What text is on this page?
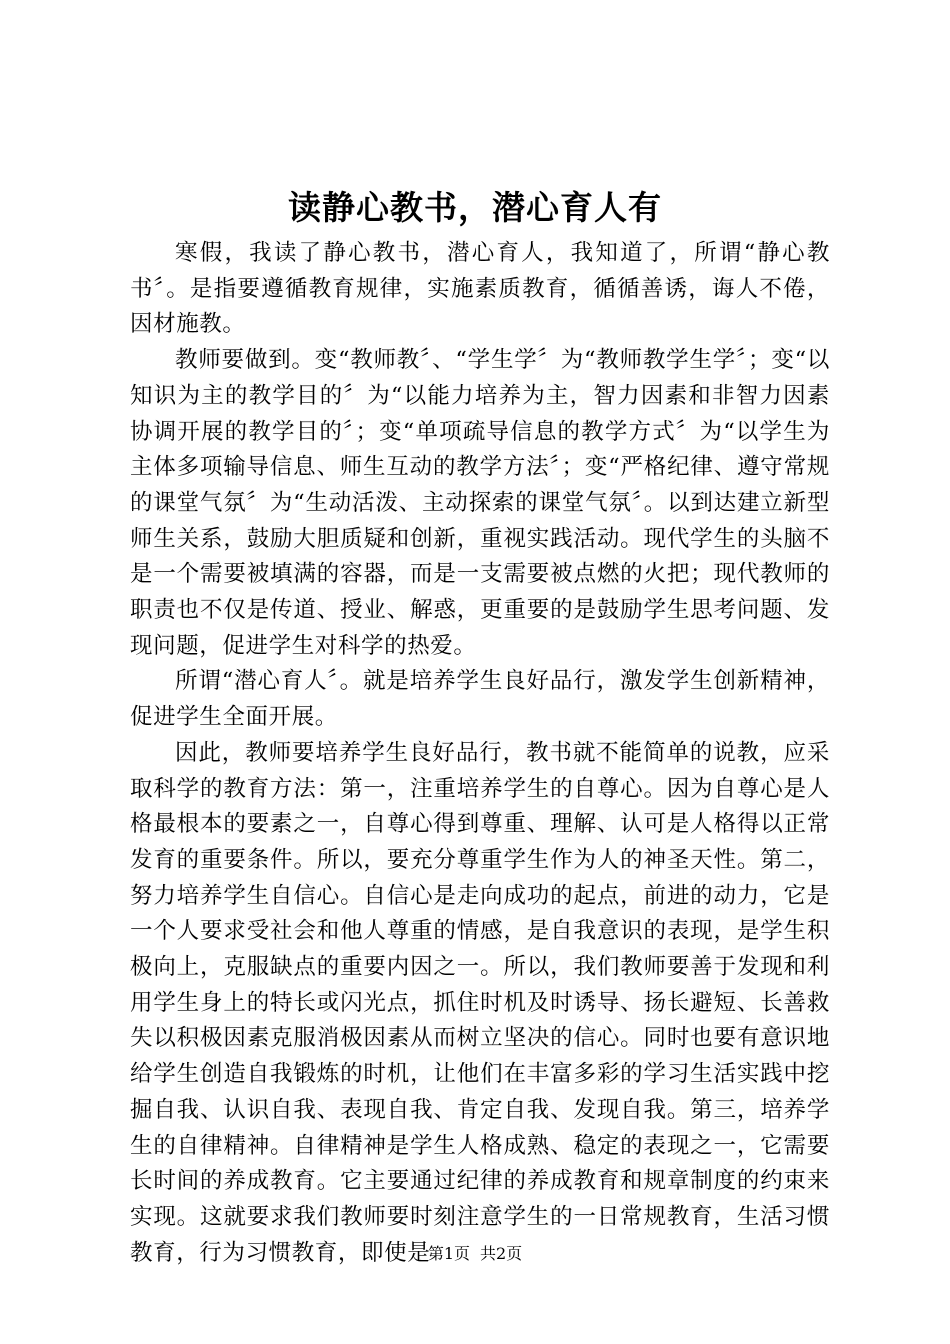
读静心教书，潜心育人有

寒假，我读了静心教书，潜心育人，我知道了，所谓“静心教书〞。是指要遵循教育规律，实施素质教育，循循善诱，诲人不倦，因材施教。

教师要做到。变“教师教〞、“学生学〞为“教师教学生学〞；变“以知识为主的教学目的〞为“以能力培养为主，智力因素和非智力因素协调开展的教学目的〞；变“单项疏导信息的教学方式〞为“以学生为主体多项输导信息、师生互动的教学方法〞；变“严格纪律、遵守常规的课堂气氛〞为“生动活泼、主动探索的课堂气氛〞。以到达建立新型师生关系，鼓励大胆质疑和创新，重视实践活动。现代学生的头脑不是一个需要被填满的容器，而是一支需要被点燃的火把；现代教师的职责也不仅是传道、授业、解惑，更重要的是鼓励学生思考问题、发现问题，促进学生对科学的热爱。

所谓“潜心育人〞。就是培养学生良好品行，激发学生创新精神，促进学生全面开展。

因此，教师要培养学生良好品行，教书就不能简单的说教，应采取科学的教育方法：第一，注重培养学生的自尊心。因为自尊心是人格最根本的要素之一，自尊心得到尊重、理解、认可是人格得以正常发育的重要条件。所以，要充分尊重学生作为人的神圣天性。第二，努力培养学生自信心。自信心是走向成功的起点，前进的动力，它是一个人要求受社会和他人尊重的情感，是自我意识的表现，是学生积极向上，克服缺点的重要内因之一。所以，我们教师要善于发现和利用学生身上的特长或闪光点，抓住时机及时诱导、扬长避短、长善救失以积极因素克服消极因素从而树立坚决的信心。同时也要有意识地给学生创造自我锻炼的时机，让他们在丰富多彩的学习生活实践中挖掘自我、认识自我、表现自我、肯定自我、发现自我。第三，培养学生的自律精神。自律精神是学生人格成熟、稳定的表现之一，它需要长时间的养成教育。它主要通过纪律的养成教育和规章制度的约束来实现。这就要求我们教师要时刻注意学生的一日常规教育，生活习惯教育，行为习惯教育，即使是

第1页 共2页
